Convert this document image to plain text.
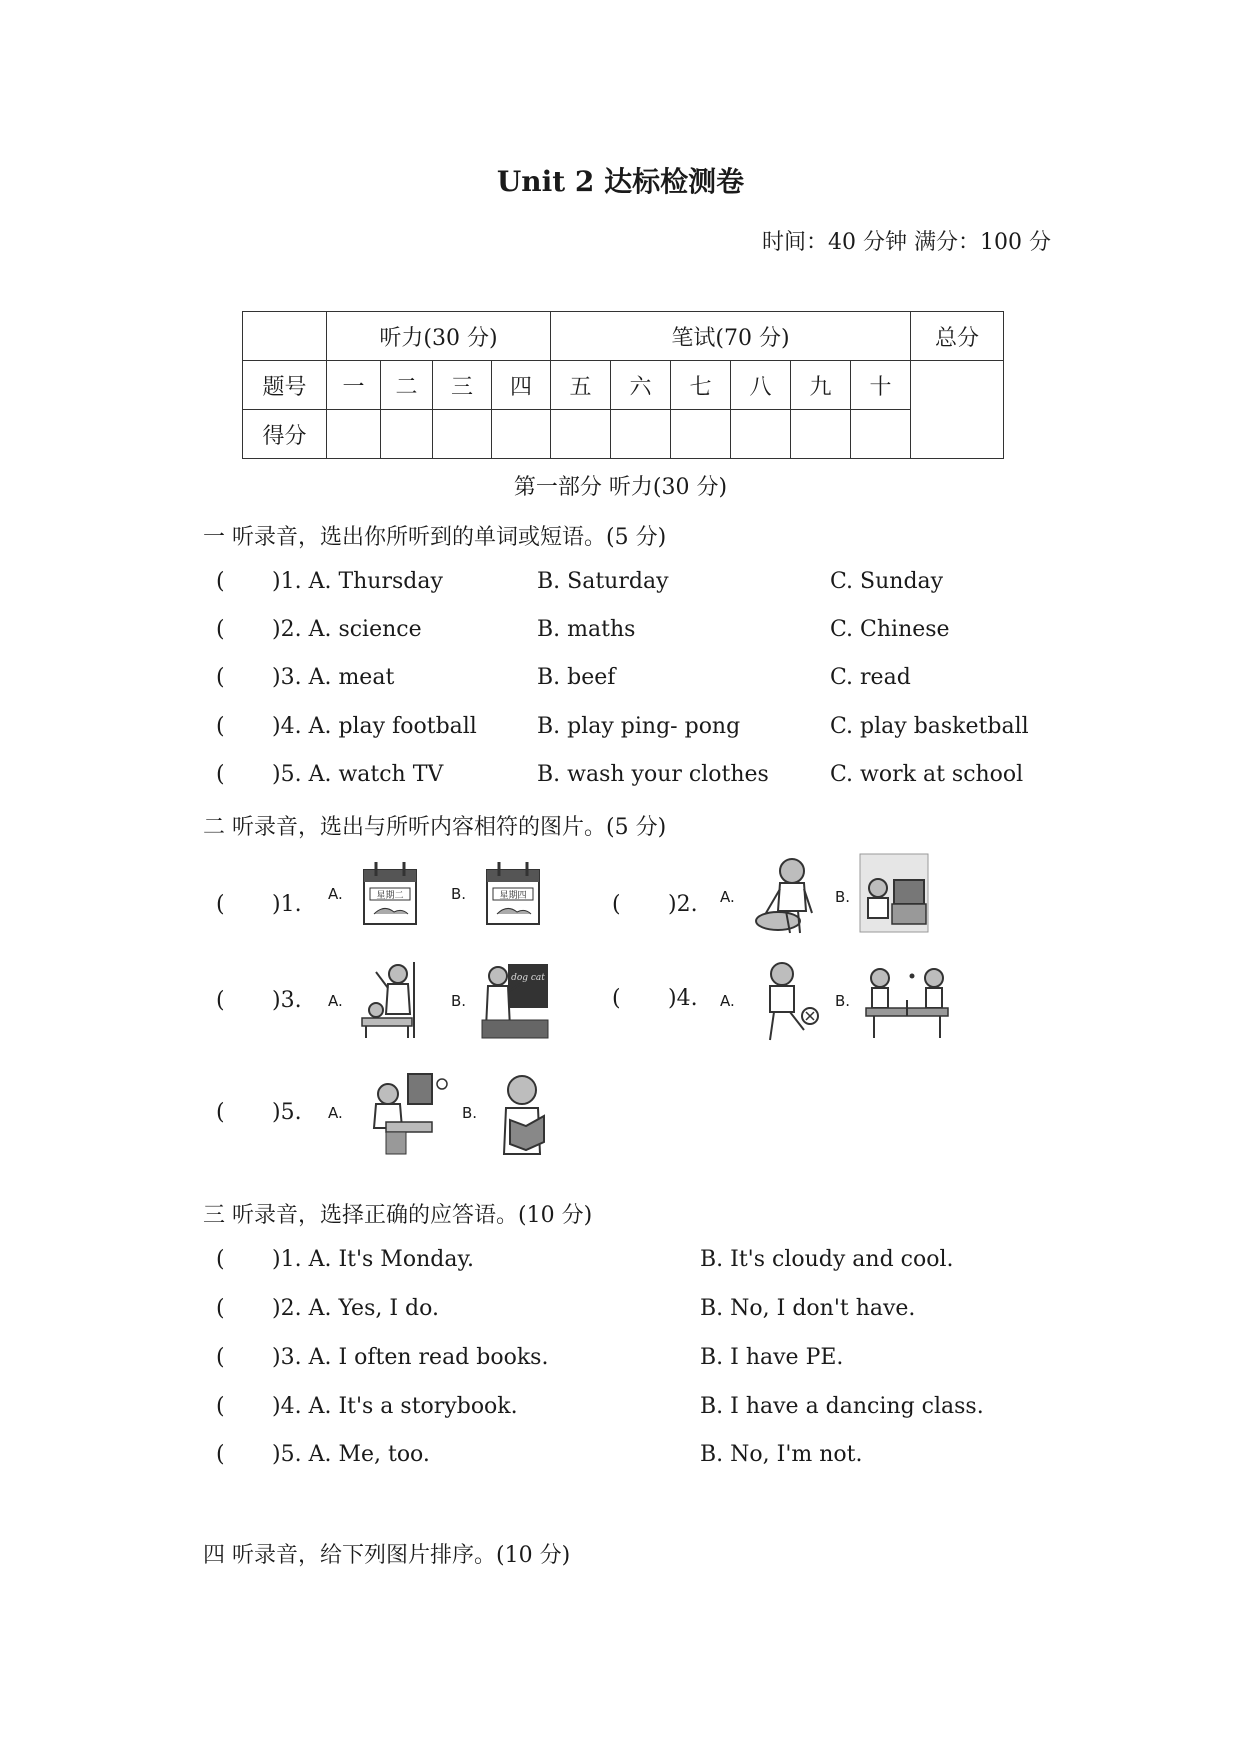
Unit 2 达标检测卷
时间：40 分钟 满分：100 分
	听力(30 分)				笔试(70 分)						总分
题号	一	二	三	四	五	六	七	八	九	十	
得分											
第一部分 听力(30 分)
一 听录音，选出你所听到的单词或短语。(5 分)
( )1. A. Thursday	B. Saturday	C. Sunday
( )2. A. science	B. maths	C. Chinese
( )3. A. meat	B. beef	C. read
( )4. A. play football	B. play ping- pong	C. play basketball
( )5. A. watch TV	B. wash your clothes	C. work at school
二 听录音，选出与所听内容相符的图片。(5 分)
( )1. A.	星期二	B.	星期四	( )2. A.	B.
( )3. A.	B.
dog cat
( )4. A.	B.
( )5. A.	B.
三 听录音，选择正确的应答语。(10 分)
( )1. A. It's Monday.	B. It's cloudy and cool.
( )2. A. Yes, I do.	B. No, I don't have.
( )3. A. I often read books.	B. I have PE.
( )4. A. It's a storybook.	B. I have a dancing class.
( )5. A. Me, too.	B. No, I'm not.
四 听录音，给下列图片排序。(10 分)
